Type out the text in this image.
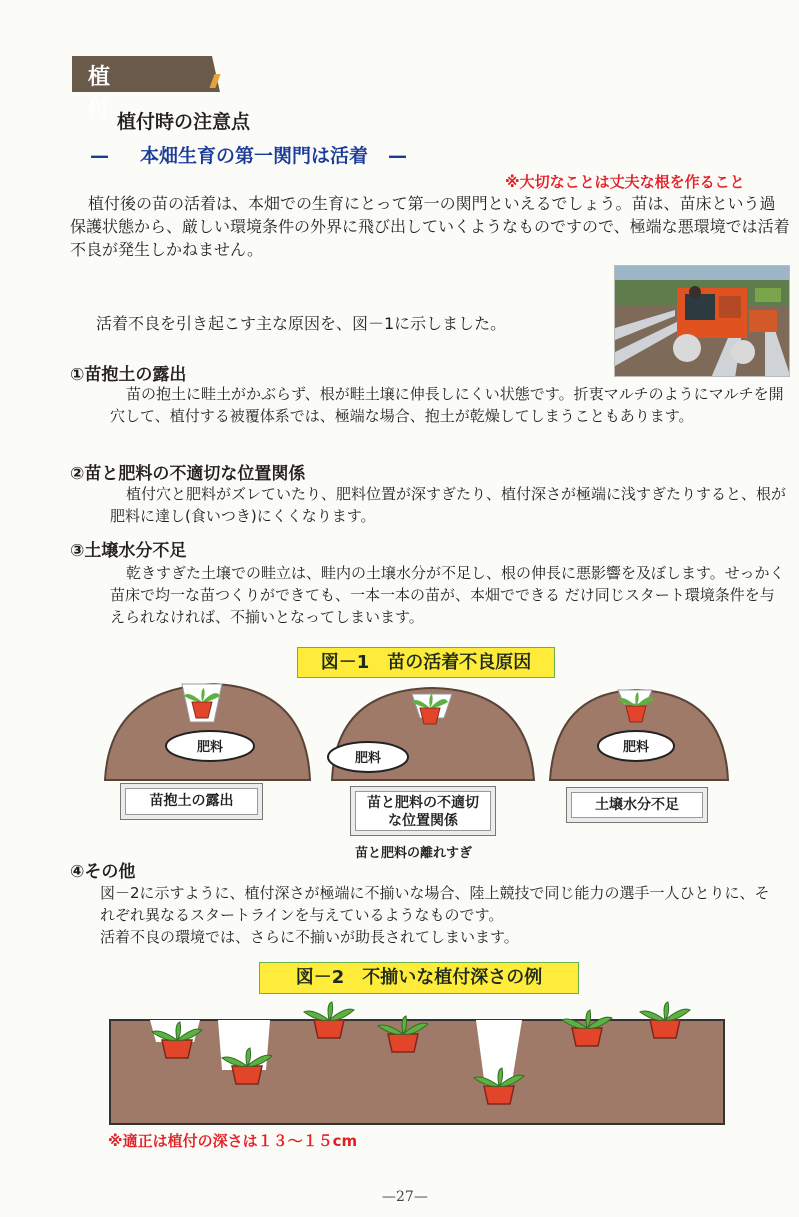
植　付
植付時の注意点
— 本畑生育の第一関門は活着 —
※大切なことは丈夫な根を作ること
植付後の苗の活着は、本畑での生育にとって第一の関門といえるでしょう。苗は、苗床という過保護状態から、厳しい環境条件の外界に飛び出していくようなものですので、極端な悪環境では活着不良が発生しかねません。
活着不良を引き起こす主な原因を、図－1に示しました。
①苗抱土の露出
苗の抱土に畦土がかぶらず、根が畦土壌に伸長しにくい状態です。折衷マルチのようにマルチを開穴して、植付する被覆体系では、極端な場合、抱土が乾燥してしまうこともあります。
②苗と肥料の不適切な位置関係
植付穴と肥料がズレていたり、肥料位置が深すぎたり、植付深さが極端に浅すぎたりすると、根が肥料に達し(食いつき)にくくなります。
③土壌水分不足
乾きすぎた土壌での畦立は、畦内の土壌水分が不足し、根の伸長に悪影響を及ぼします。せっかく苗床で均一な苗つくりができても、一本一本の苗が、本畑でできる だけ同じスタート環境条件を与えられなければ、不揃いとなってしまいます。
図－1　苗の活着不良原因
肥料
肥料
肥料
苗抱土の露出	苗と肥料の不適切
な位置関係
土壌水分不足
苗と肥料の離れすぎ
④その他
図－2に示すように、植付深さが極端に不揃いな場合、陸上競技で同じ能力の選手一人ひとりに、それぞれ異なるスタートラインを与えているようなものです。
活着不良の環境では、さらに不揃いが助長されてしまいます。
図－2　不揃いな植付深さの例
※適正は植付の深さは１３～１５cm
—27—
